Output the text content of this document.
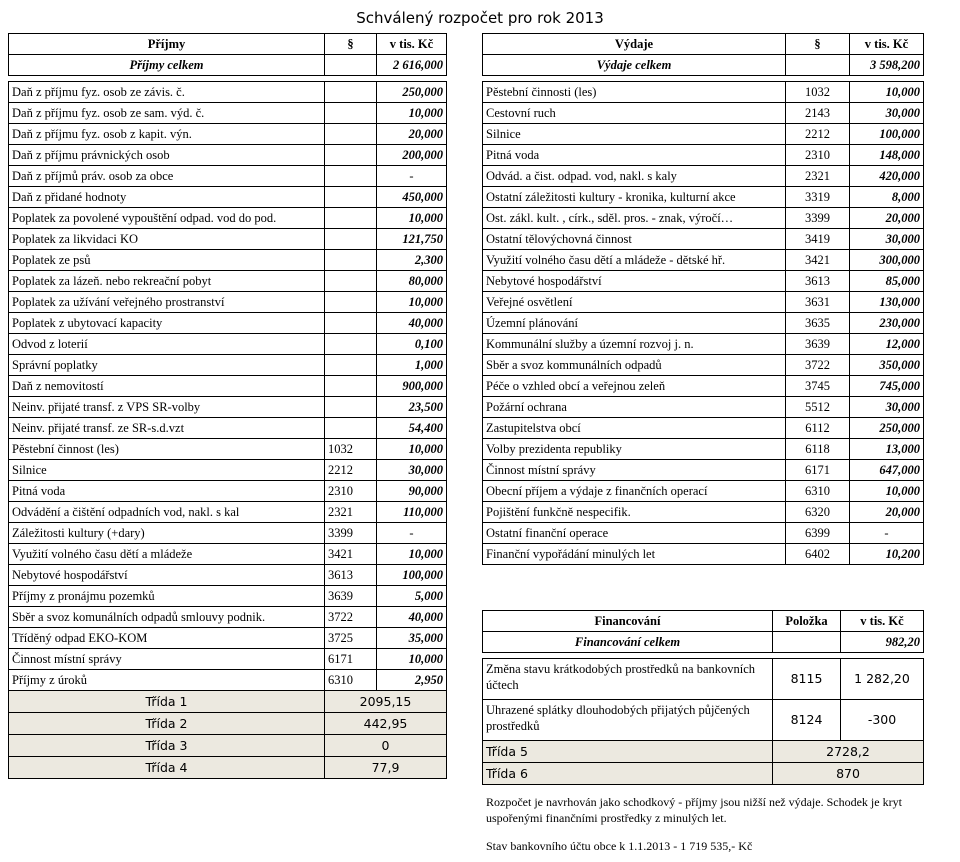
Schválený rozpočet pro rok 2013
Příjmy	§	v tis. Kč
Příjmy celkem		2 616,000

Daň z příjmu fyz. osob ze závis. č.		250,000
Daň z příjmu fyz. osob ze sam. výd. č.		10,000
Daň z příjmu fyz. osob z kapit. výn.		20,000
Daň z příjmu právnických osob		200,000
Daň z příjmů práv. osob za obce		-
Daň z přidané hodnoty		450,000
Poplatek za povolené vypouštění odpad. vod do pod.		10,000
Poplatek za likvidaci KO		121,750
Poplatek ze psů		2,300
Poplatek za lázeň. nebo rekreační pobyt		80,000
Poplatek za užívání veřejného prostranství		10,000
Poplatek z ubytovací kapacity		40,000
Odvod z loterií		0,100
Správní poplatky		1,000
Daň z nemovitostí		900,000
Neinv. přijaté transf. z VPS SR-volby		23,500
Neinv. přijaté transf. ze SR-s.d.vzt		54,400
Pěstební činnost (les)	1032	10,000
Silnice	2212	30,000
Pitná voda	2310	90,000
Odvádění a čištění odpadních vod, nakl. s kal	2321	110,000
Záležitosti kultury (+dary)	3399	-
Využití volného času dětí a mládeže	3421	10,000
Nebytové hospodářství	3613	100,000
Příjmy z pronájmu pozemků	3639	5,000
Sběr a svoz komunálních odpadů smlouvy podnik.	3722	40,000
Tříděný odpad EKO-KOM	3725	35,000
Činnost místní správy	6171	10,000
Příjmy z úroků	6310	2,950
Třída 1	2095,15	
Třída 2	442,95	
Třída 3	0	
Třída 4	77,9	
Výdaje	§	v tis. Kč
Výdaje celkem		3 598,200

Pěstební činnosti (les)	1032	10,000
Cestovní ruch	2143	30,000
Silnice	2212	100,000
Pitná voda	2310	148,000
Odvád. a čist. odpad. vod, nakl. s kaly	2321	420,000
Ostatní záležitosti kultury - kronika, kulturní akce	3319	8,000
Ost. zákl. kult. , círk., sděl. pros. - znak, výročí…	3399	20,000
Ostatní tělovýchovná činnost	3419	30,000
Využití volného času dětí a mládeže - dětské hř.	3421	300,000
Nebytové hospodářství	3613	85,000
Veřejné osvětlení	3631	130,000
Územní plánování	3635	230,000
Kommunální služby a územní rozvoj j. n.	3639	12,000
Sběr a svoz kommunálních odpadů	3722	350,000
Péče o vzhled obcí a veřejnou zeleň	3745	745,000
Požární ochrana	5512	30,000
Zastupitelstva obcí	6112	250,000
Volby prezidenta republiky	6118	13,000
Činnost místní správy	6171	647,000
Obecní příjem a výdaje z finančních operací	6310	10,000
Pojištění funkčně nespecifik.	6320	20,000
Ostatní finanční operace	6399	-
Finanční vypořádání minulých let	6402	10,200
Financování	Položka	v tis. Kč
Financování celkem		982,20

Změna stavu krátkodobých prostředků na bankovních účtech	8115	1 282,20
Uhrazené splátky dlouhodobých přijatých půjčených prostředků	8124	-300
Třída 5	2728,2	
Třída 6	870	
Rozpočet je navrhován jako schodkový - příjmy jsou nižší než výdaje. Schodek je kryt uspořenými finančními prostředky z minulých let.
Stav bankovního účtu obce k 1.1.2013 - 1 719 535,- Kč
